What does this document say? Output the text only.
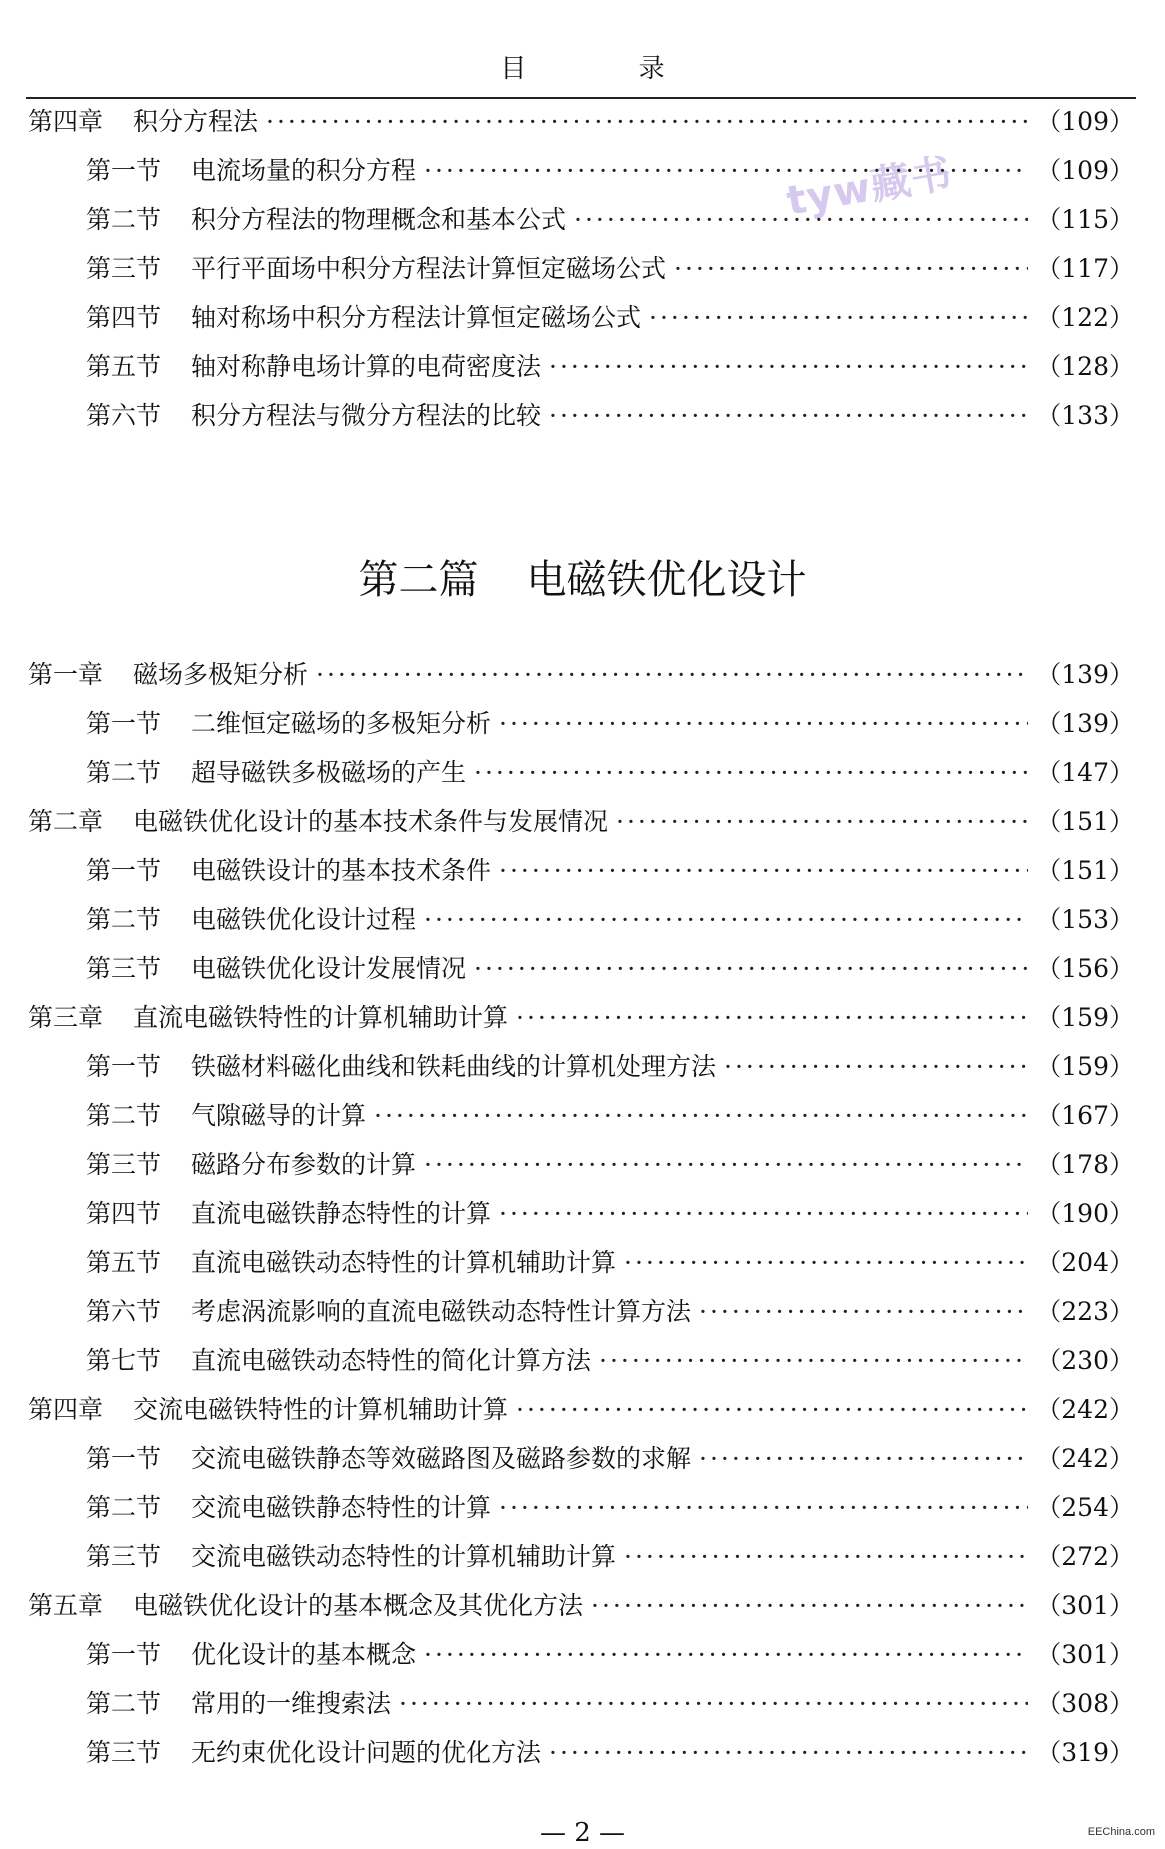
目 录
tyw藏书
第四章 积分方程法 ·····	（109）
第一节 电流场量的积分方程 ·····	（109）
第二节 积分方程法的物理概念和基本公式 ·····	（115）
第三节 平行平面场中积分方程法计算恒定磁场公式 ·····	（117）
第四节 轴对称场中积分方程法计算恒定磁场公式 ·····	（122）
第五节 轴对称静电场计算的电荷密度法 ·····	（128）
第六节 积分方程法与微分方程法的比较 ·····	（133）
第二篇 电磁铁优化设计
第一章 磁场多极矩分析 ·····	（139）
第一节 二维恒定磁场的多极矩分析 ·····	（139）
第二节 超导磁铁多极磁场的产生 ·····	（147）
第二章 电磁铁优化设计的基本技术条件与发展情况 ·····	（151）
第一节 电磁铁设计的基本技术条件 ·····	（151）
第二节 电磁铁优化设计过程 ·····	（153）
第三节 电磁铁优化设计发展情况 ·····	（156）
第三章 直流电磁铁特性的计算机辅助计算 ·····	（159）
第一节 铁磁材料磁化曲线和铁耗曲线的计算机处理方法 ·····	（159）
第二节 气隙磁导的计算 ·····	（167）
第三节 磁路分布参数的计算 ·····	（178）
第四节 直流电磁铁静态特性的计算 ·····	（190）
第五节 直流电磁铁动态特性的计算机辅助计算 ·····	（204）
第六节 考虑涡流影响的直流电磁铁动态特性计算方法 ·····	（223）
第七节 直流电磁铁动态特性的简化计算方法 ·····	（230）
第四章 交流电磁铁特性的计算机辅助计算 ·····	（242）
第一节 交流电磁铁静态等效磁路图及磁路参数的求解 ·····	（242）
第二节 交流电磁铁静态特性的计算 ·····	（254）
第三节 交流电磁铁动态特性的计算机辅助计算 ·····	（272）
第五章 电磁铁优化设计的基本概念及其优化方法 ·····	（301）
第一节 优化设计的基本概念 ·····	（301）
第二节 常用的一维搜索法 ·····	（308）
第三节 无约束优化设计问题的优化方法 ·····	（319）
— 2 —	EEChina.com
